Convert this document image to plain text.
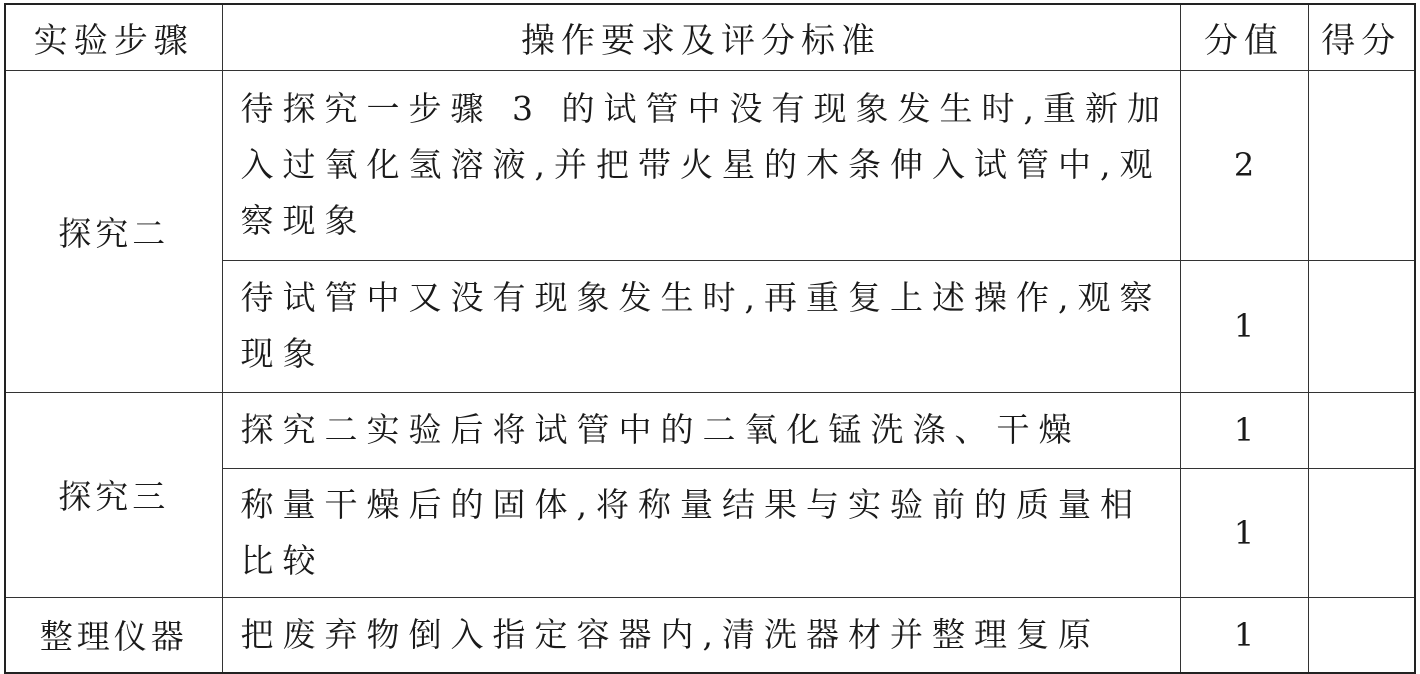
实验步骤	操作要求及评分标准	分值	得分
探究二	待探究一步骤 3 的试管中没有现象发生时,重新加入过氧化氢溶液,并把带火星的木条伸入试管中,观察现象	2	
	待试管中又没有现象发生时,再重复上述操作,观察现象	1	
探究三	探究二实验后将试管中的二氧化锰洗涤、干燥	1	
	称量干燥后的固体,将称量结果与实验前的质量相比较	1	
整理仪器	把废弃物倒入指定容器内,清洗器材并整理复原	1	
